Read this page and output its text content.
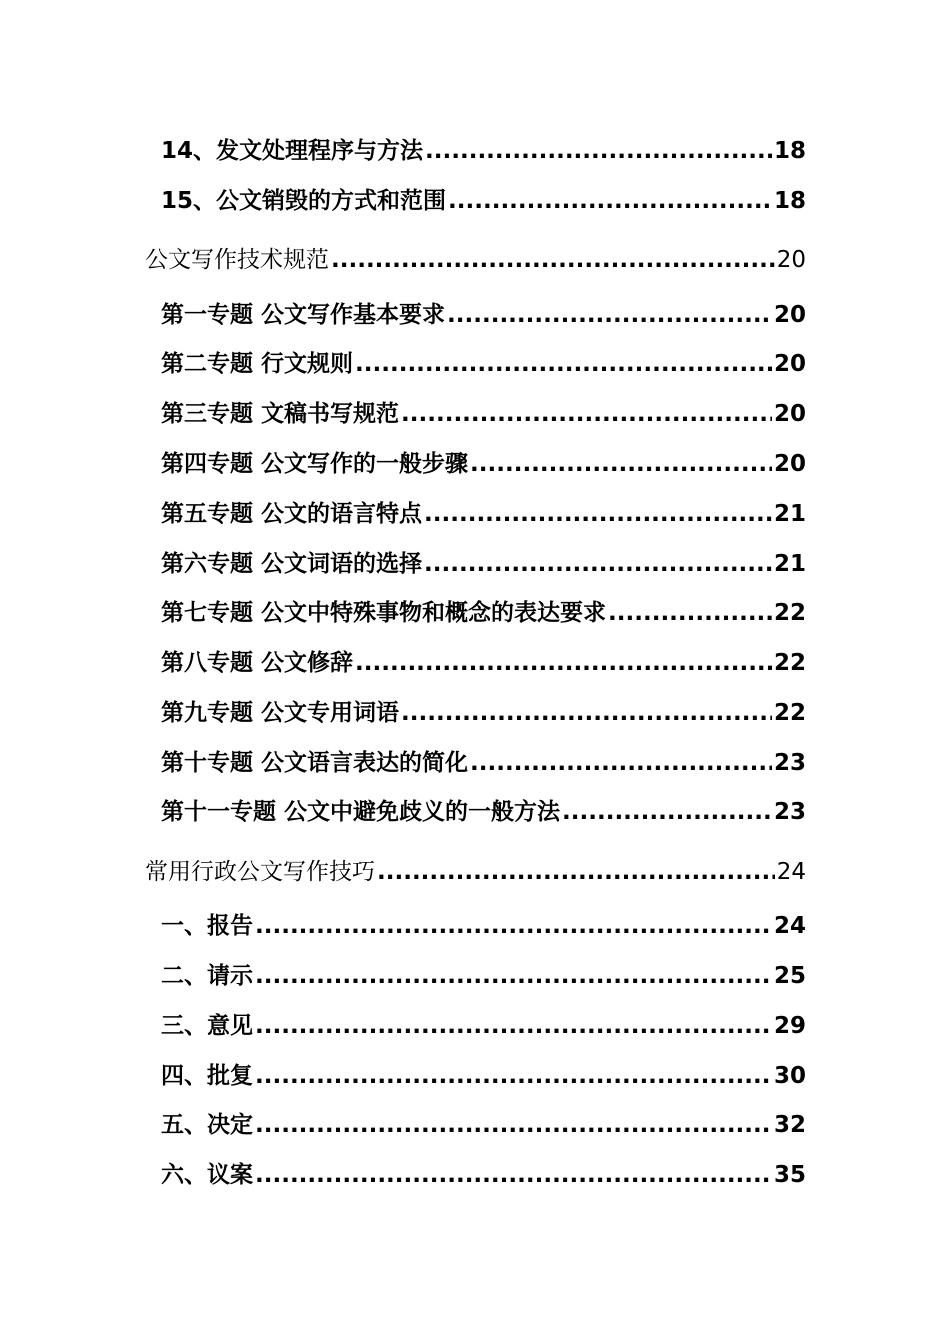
14、发文处理程序与方法 .....	18
15、公文销毁的方式和范围 .....	18
公文写作技术规范 .....	20
第一专题 公文写作基本要求 .....	20
第二专题 行文规则 .....	20
第三专题 文稿书写规范 .....	20
第四专题 公文写作的一般步骤 .....	20
第五专题 公文的语言特点 .....	21
第六专题 公文词语的选择 .....	21
第七专题 公文中特殊事物和概念的表达要求 .....	22
第八专题 公文修辞 .....	22
第九专题 公文专用词语 .....	22
第十专题 公文语言表达的简化 .....	23
第十一专题 公文中避免歧义的一般方法 .....	23
常用行政公文写作技巧 .....	24
一、报告 .....	24
二、请示 .....	25
三、意见 .....	29
四、批复 .....	30
五、决定 .....	32
六、议案 .....	35
